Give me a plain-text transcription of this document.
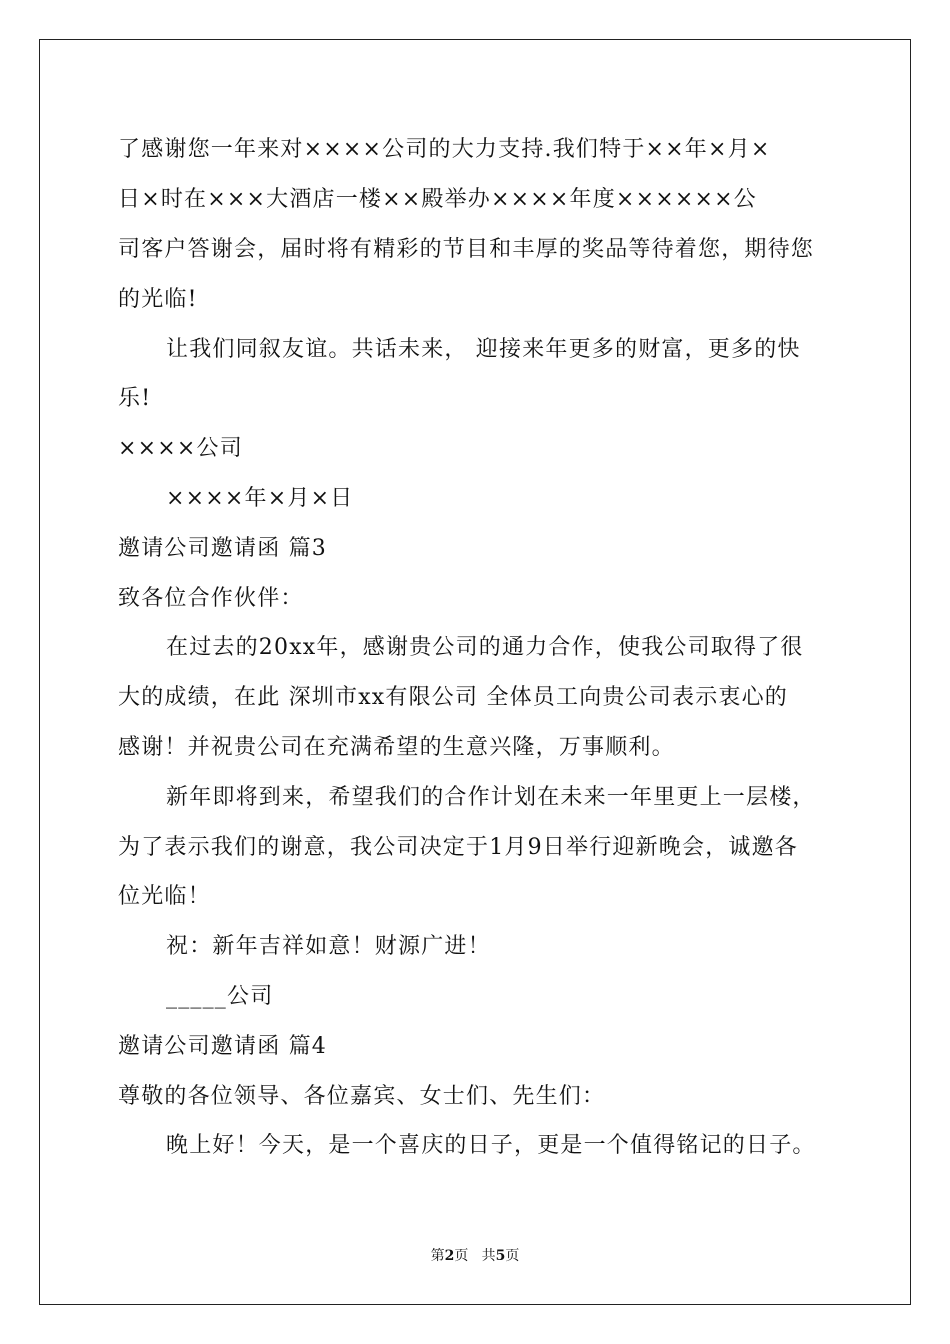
了感谢您一年来对××××公司的大力支持.我们特于××年×月×
日×时在×××大酒店一楼××殿举办××××年度××××××公
司客户答谢会，届时将有精彩的节目和丰厚的奖品等待着您，期待您
的光临!
让我们同叙友谊。共话未来， 迎接来年更多的财富，更多的快
乐!
××××公司
××××年×月×日
邀请公司邀请函 篇3
致各位合作伙伴：
在过去的20xx年，感谢贵公司的通力合作，使我公司取得了很
大的成绩，在此 深圳市xx有限公司 全体员工向贵公司表示衷心的
感谢！并祝贵公司在充满希望的生意兴隆，万事顺利。
新年即将到来，希望我们的合作计划在未来一年里更上一层楼，
为了表示我们的谢意，我公司决定于1月9日举行迎新晚会，诚邀各
位光临！
祝：新年吉祥如意！财源广进！
_____公司
邀请公司邀请函 篇4
尊敬的各位领导、各位嘉宾、女士们、先生们：
晚上好！今天，是一个喜庆的日子，更是一个值得铭记的日子。
第2页 共5页
